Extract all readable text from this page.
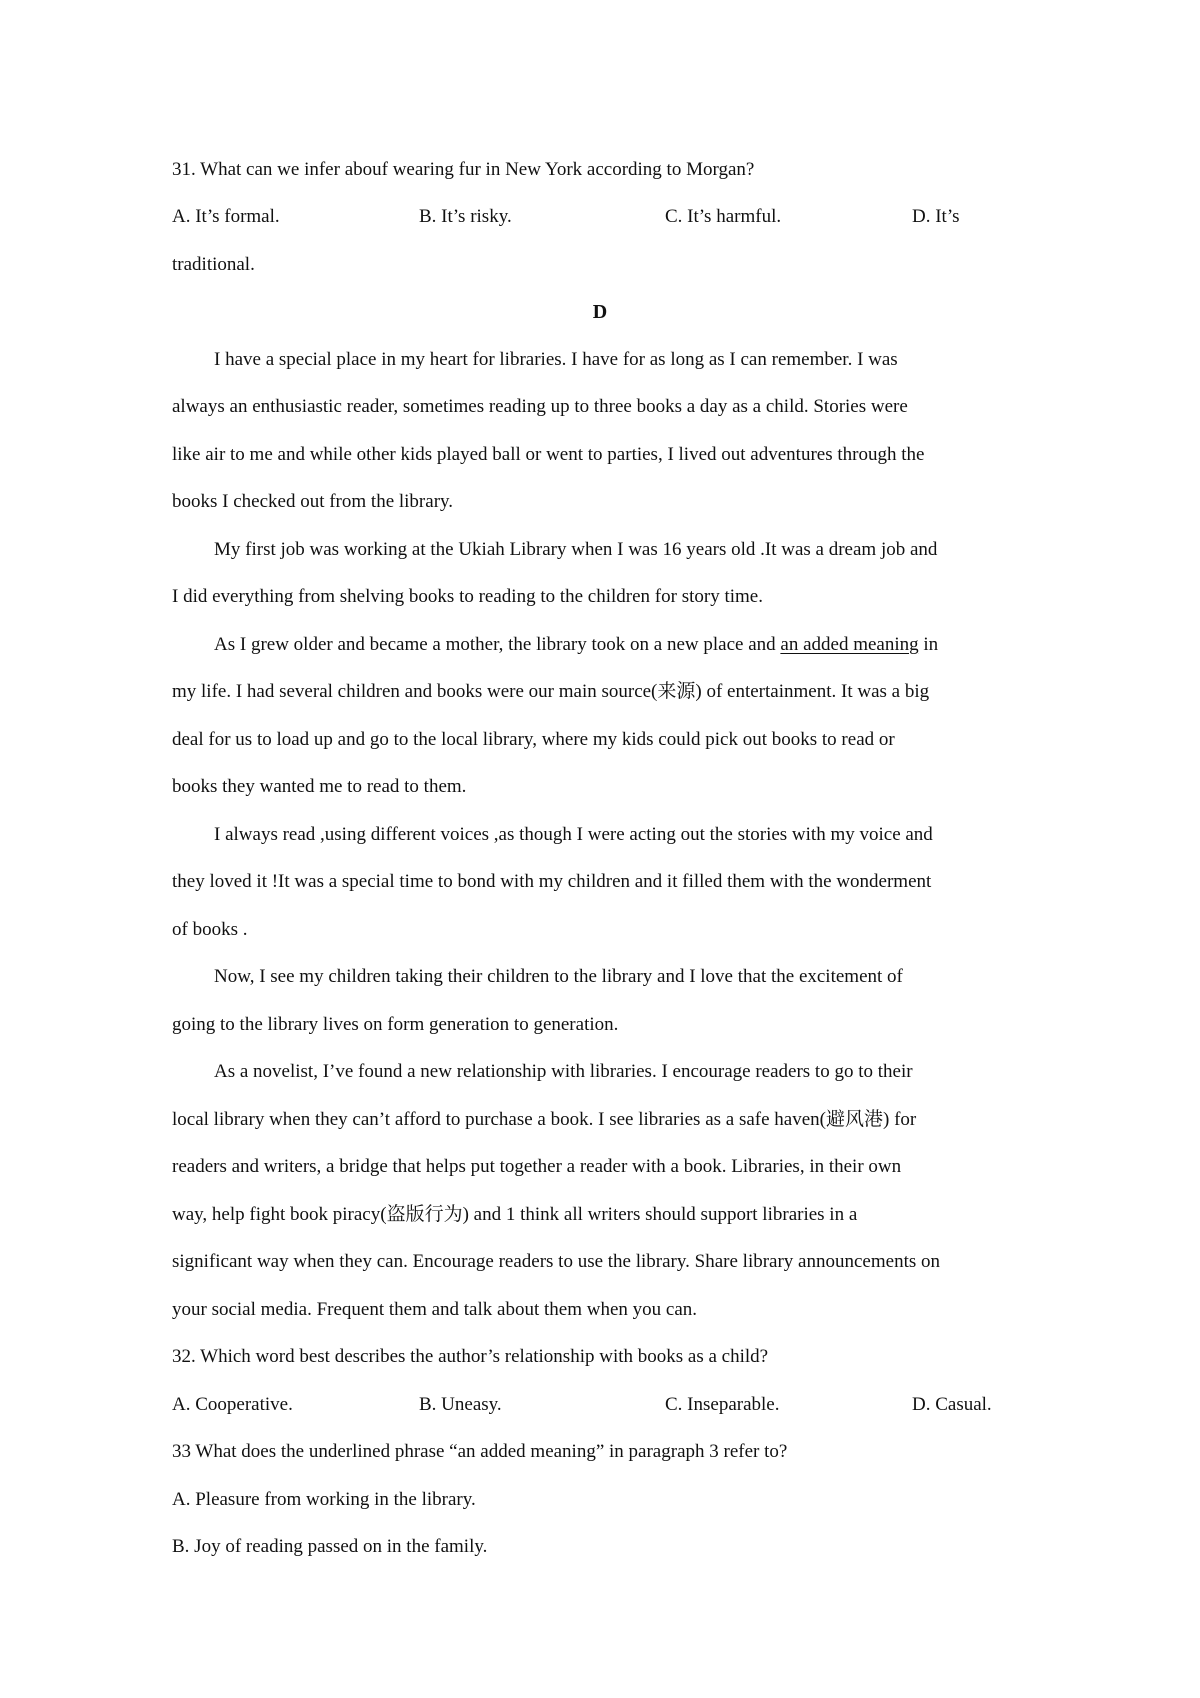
31. What can we infer abouf wearing fur in New York according to Morgan?
A. It’s formal.	B. It’s risky.	C. It’s harmful.	D. It’s
traditional.
D
I have a special place in my heart for libraries. I have for as long as I can remember. I was
always an enthusiastic reader, sometimes reading up to three books a day as a child. Stories were
like air to me and while other kids played ball or went to parties, I lived out adventures through the
books I checked out from the library.
My first job was working at the Ukiah Library when I was 16 years old .It was a dream job and
I did everything from shelving books to reading to the children for story time.
As I grew older and became a mother, the library took on a new place and an added meaning in
my life. I had several children and books were our main source(来源) of entertainment. It was a big
deal for us to load up and go to the local library, where my kids could pick out books to read or
books they wanted me to read to them.
I always read ,using different voices ,as though I were acting out the stories with my voice and
they loved it !It was a special time to bond with my children and it filled them with the wonderment
of books .
Now, I see my children taking their children to the library and I love that the excitement of
going to the library lives on form generation to generation.
As a novelist, I’ve found a new relationship with libraries. I encourage readers to go to their
local library when they can’t afford to purchase a book. I see libraries as a safe haven(避风港) for
readers and writers, a bridge that helps put together a reader with a book. Libraries, in their own
way, help fight book piracy(盗版行为) and 1 think all writers should support libraries in a
significant way when they can. Encourage readers to use the library. Share library announcements on
your social media. Frequent them and talk about them when you can.
32. Which word best describes the author’s relationship with books as a child?
A. Cooperative.	B. Uneasy.	C. Inseparable.	D. Casual.
33 What does the underlined phrase “an added meaning” in paragraph 3 refer to?
A. Pleasure from working in the library.
B. Joy of reading passed on in the family.
